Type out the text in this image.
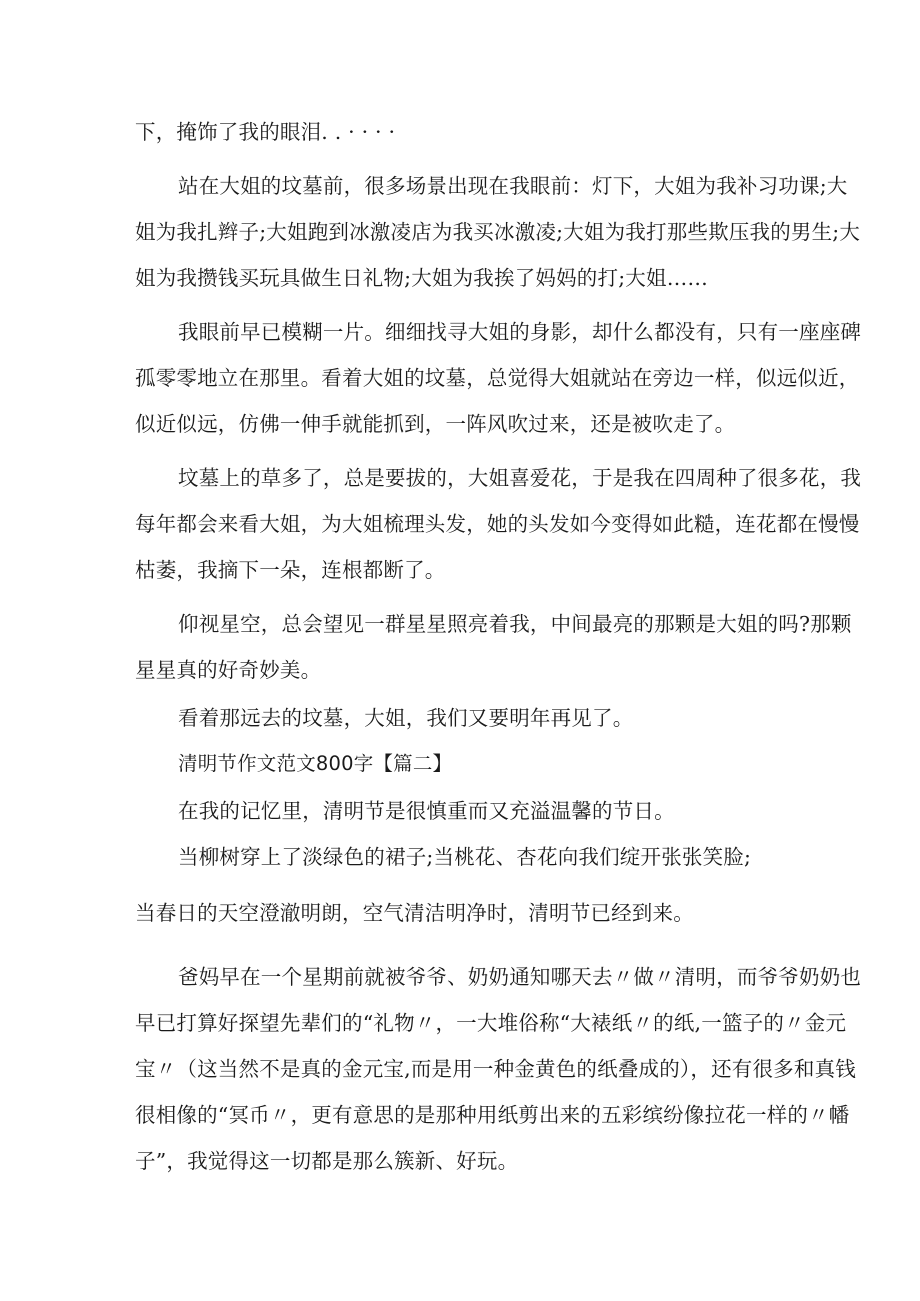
下，掩饰了我的眼泪. . · · · ·
站在大姐的坟墓前，很多场景出现在我眼前：灯下，大姐为我补习功课;大
姐为我扎辫子;大姐跑到冰激凌店为我买冰激凌;大姐为我打那些欺压我的男生;大
姐为我攒钱买玩具做生日礼物;大姐为我挨了妈妈的打;大姐……
我眼前早已模糊一片。细细找寻大姐的身影，却什么都没有，只有一座座碑
孤零零地立在那里。看着大姐的坟墓，总觉得大姐就站在旁边一样，似远似近，
似近似远，仿佛一伸手就能抓到，一阵风吹过来，还是被吹走了。
坟墓上的草多了，总是要拔的，大姐喜爱花，于是我在四周种了很多花，我
每年都会来看大姐，为大姐梳理头发，她的头发如今变得如此糙，连花都在慢慢
枯萎，我摘下一朵，连根都断了。
仰视星空，总会望见一群星星照亮着我，中间最亮的那颗是大姐的吗?那颗
星星真的好奇妙美。
看着那远去的坟墓，大姐，我们又要明年再见了。
清明节作文范文800字【篇二】
在我的记忆里，清明节是很慎重而又充溢温馨的节日。
当柳树穿上了淡绿色的裙子;当桃花、杏花向我们绽开张张笑脸;
当春日的天空澄澈明朗，空气清洁明净时，清明节已经到来。
爸妈早在一个星期前就被爷爷、奶奶通知哪天去〃做〃清明，而爷爷奶奶也
早已打算好探望先辈们的“礼物〃，一大堆俗称“大裱纸〃的纸,一篮子的〃金元
宝〃（这当然不是真的金元宝,而是用一种金黄色的纸叠成的），还有很多和真钱
很相像的“冥币〃，更有意思的是那种用纸剪出来的五彩缤纷像拉花一样的〃幡
子”，我觉得这一切都是那么簇新、好玩。
